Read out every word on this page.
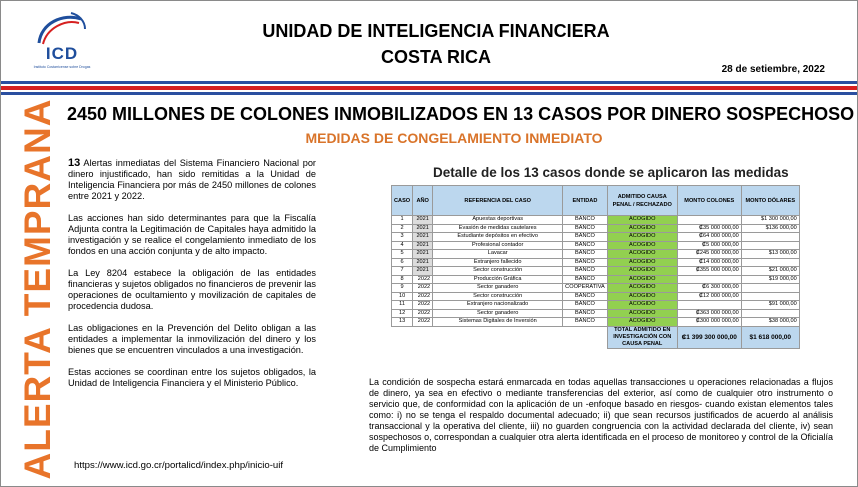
ICD
Instituto Costarricense sobre Drogas
UNIDAD DE INTELIGENCIA FINANCIERA
COSTA RICA
28 de setiembre, 2022
ALERTA TEMPRANA 2450 MILLONES DE COLONES INMOBILIZADOS EN 13 CASOS POR DINERO SOSPECHOSO
MEDIDAS DE CONGELAMIENTO INMEDIATO

13 Alertas inmediatas del Sistema Financiero Nacional por dinero injustificado, han sido remitidas a la Unidad de Inteligencia Financiera por más de 2450 millones de colones entre 2021 y 2022.

Las acciones han sido determinantes para que la Fiscalía Adjunta contra la Legitimación de Capitales haya admitido la investigación y se realice el congelamiento inmediato de los fondos en una acción conjunta y de alto impacto.

La Ley 8204 estabece la obligación de las entidades financieras y sujetos obligados no financieros de prevenir las operaciones de ocultamiento y movilización de capitales de procedencia dudosa.

Las obligaciones en la Prevención del Delito obligan a las entidades a implementar la inmovilización del dinero y los bienes que se encuentren vinculados a una investigación.

Estas acciones se coordinan entre los sujetos obligados, la Unidad de Inteligencia Financiera y el Ministerio Público.

https://www.icd.go.cr/portalicd/index.php/inicio-uif
Detalle de los 13 casos donde se aplicaron las medidas
CASO	AÑO	REFERENCIA DEL CASO	ENTIDAD	ADMITIDO CAUSA PENAL / RECHAZADO	MONTO COLONES	MONTO DÓLARES
1	2021	Apuestas deportivas	BANCO	ACOGIDO		$1 300 000,00
2	2021	Evasión de medidas cautelares	BANCO	ACOGIDO	₡35 000 000,00	$136 000,00
3	2021	Estudiante depósitos en efectivo	BANCO	ACOGIDO	₡64 000 000,00	
4	2021	Profesional contador	BANCO	ACOGIDO	₡5 000 000,00	
5	2021	Lavacar	BANCO	ACOGIDO	₡245 000 000,00	$13 000,00
6	2021	Extranjero fallecido	BANCO	ACOGIDO	₡14 000 000,00	
7	2021	Sector construcción	BANCO	ACOGIDO	₡355 000 000,00	$21 000,00
8	2022	Producción Gráfica	BANCO	ACOGIDO		$19 000,00
9	2022	Sector ganadero	COOPERATIVA	ACOGIDO	₡6 300 000,00	
10	2022	Sector construcción	BANCO	ACOGIDO	₡12 000 000,00	
11	2022	Extranjero nacionalizado	BANCO	ACOGIDO		$91 000,00
12	2022	Sector ganadero	BANCO	ACOGIDO	₡363 000 000,00	
13	2022	Sistemas Digitales de Inversión	BANCO	ACOGIDO	₡300 000 000,00	$38 000,00
				TOTAL ADMITIDO EN INVESTIGACIÓN CON CAUSA PENAL	₡1 399 300 000,00	$1 618 000,00
La condición de sospecha estará enmarcada en todas aquellas transacciones u operaciones relacionadas a flujos de dinero, ya sea en efectivo o mediante transferencias del exterior, así como de cualquier otro instrumento o servicio que, de conformidad con la aplicación de un -enfoque basado en riesgos- cuando existan elementos tales como: i) no se tenga el respaldo documental adecuado; ii) que sean recursos justificados de acuerdo al análisis transaccional y la operativa del cliente, iii) no guarden congruencia con la actividad declarada del cliente, iv) sean sospechosos o, correspondan a cualquier otra alerta identificada en el proceso de monitoreo y control de la Oficialía de Cumplimiento
